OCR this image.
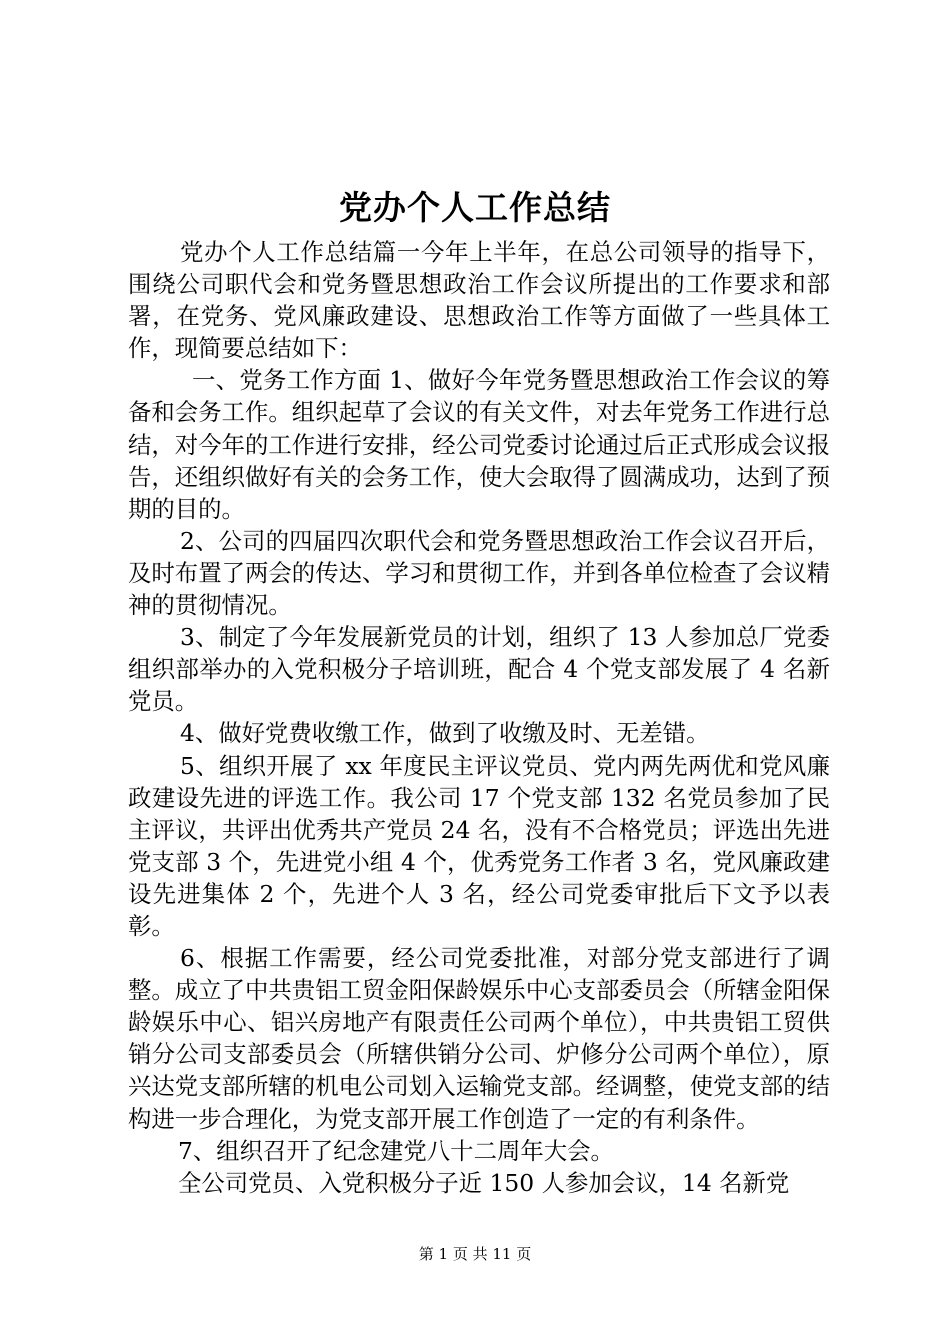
党办个人工作总结

党办个人工作总结篇一今年上半年，在总公司领导的指导下，围绕公司职代会和党务暨思想政治工作会议所提出的工作要求和部署，在党务、党风廉政建设、思想政治工作等方面做了一些具体工作，现简要总结如下：

一、党务工作方面 1、做好今年党务暨思想政治工作会议的筹备和会务工作。组织起草了会议的有关文件，对去年党务工作进行总结，对今年的工作进行安排，经公司党委讨论通过后正式形成会议报告，还组织做好有关的会务工作，使大会取得了圆满成功，达到了预期的目的。

2、公司的四届四次职代会和党务暨思想政治工作会议召开后，及时布置了两会的传达、学习和贯彻工作，并到各单位检查了会议精神的贯彻情况。

3、制定了今年发展新党员的计划，组织了 13 人参加总厂党委组织部举办的入党积极分子培训班，配合 4 个党支部发展了 4 名新党员。

4、做好党费收缴工作，做到了收缴及时、无差错。

5、组织开展了 xx 年度民主评议党员、党内两先两优和党风廉政建设先进的评选工作。我公司 17 个党支部 132 名党员参加了民主评议，共评出优秀共产党员 24 名，没有不合格党员；评选出先进党支部 3 个，先进党小组 4 个，优秀党务工作者 3 名，党风廉政建设先进集体 2 个，先进个人 3 名，经公司党委审批后下文予以表彰。

6、根据工作需要，经公司党委批准，对部分党支部进行了调整。成立了中共贵铝工贸金阳保龄娱乐中心支部委员会（所辖金阳保龄娱乐中心、铝兴房地产有限责任公司两个单位），中共贵铝工贸供销分公司支部委员会（所辖供销分公司、炉修分公司两个单位），原兴达党支部所辖的机电公司划入运输党支部。经调整，使党支部的结构进一步合理化，为党支部开展工作创造了一定的有利条件。

7、组织召开了纪念建党八十二周年大会。

全公司党员、入党积极分子近 150 人参加会议，14 名新党

第 1 页 共 11 页
